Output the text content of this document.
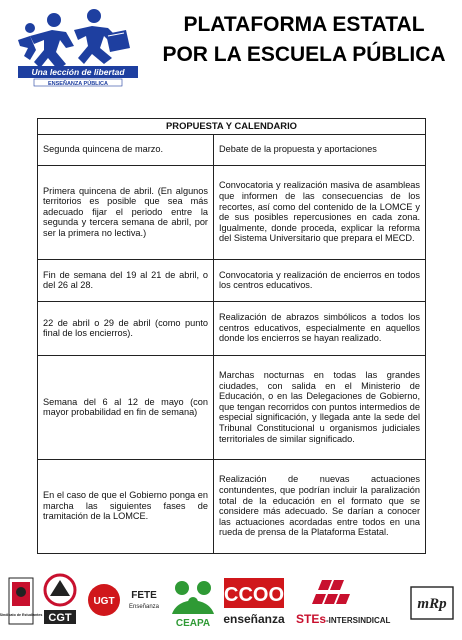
Una lección de libertad
ENSEÑANZA PÚBLICA
PLATAFORMA ESTATAL
POR LA ESCUELA PÚBLICA
PROPUESTA Y CALENDARIO	
Segunda quincena de marzo.	Debate de la propuesta y aportaciones
Primera quincena de abril. (En algunos territorios es posible que sea más adecuado fijar el periodo entre la segunda y tercera semana de abril, por ser la primera no lectiva.)	Convocatoria y realización masiva de asambleas que informen de las consecuencias de los recortes, así como del contenido de la LOMCE y de sus posibles repercusiones en cada zona. Igualmente, donde proceda, explicar la reforma del Sistema Universitario que prepara el MECD.
Fin de semana del 19 al 21 de abril, o del 26 al 28.	Convocatoria y realización de encierros en todos los centros educativos.
22 de abril o 29 de abril (como punto final de los encierros).	Realización de abrazos simbólicos a todos los centros educativos, especialmente en aquellos donde los encierros se hayan realizado.
Semana del 6 al 12 de mayo (con mayor probabilidad en fin de semana)	Marchas nocturnas en todas las grandes ciudades, con salida en el Ministerio de Educación, o en las Delegaciones de Gobierno, que tengan recorridos con puntos intermedios de especial significación, y llegada ante la sede del Tribunal Constitucional u organismos judiciales territoriales de similar significado.
En el caso de que el Gobierno ponga en marcha las siguientes fases de tramitación de la LOMCE.	Realización de nuevas actuaciones contundentes, que podrían incluir la paralización total de la educación en el formato que se considere más adecuado. Se darían a conocer las actuaciones acordadas entre todos en una rueda de prensa de la Plataforma Estatal.
Sindicato de Estudiantes CGT
UGT
FETE
Enseñanza
CEAPA
CCOO
enseñanza STEs -INTERSINDICAL
mRp
